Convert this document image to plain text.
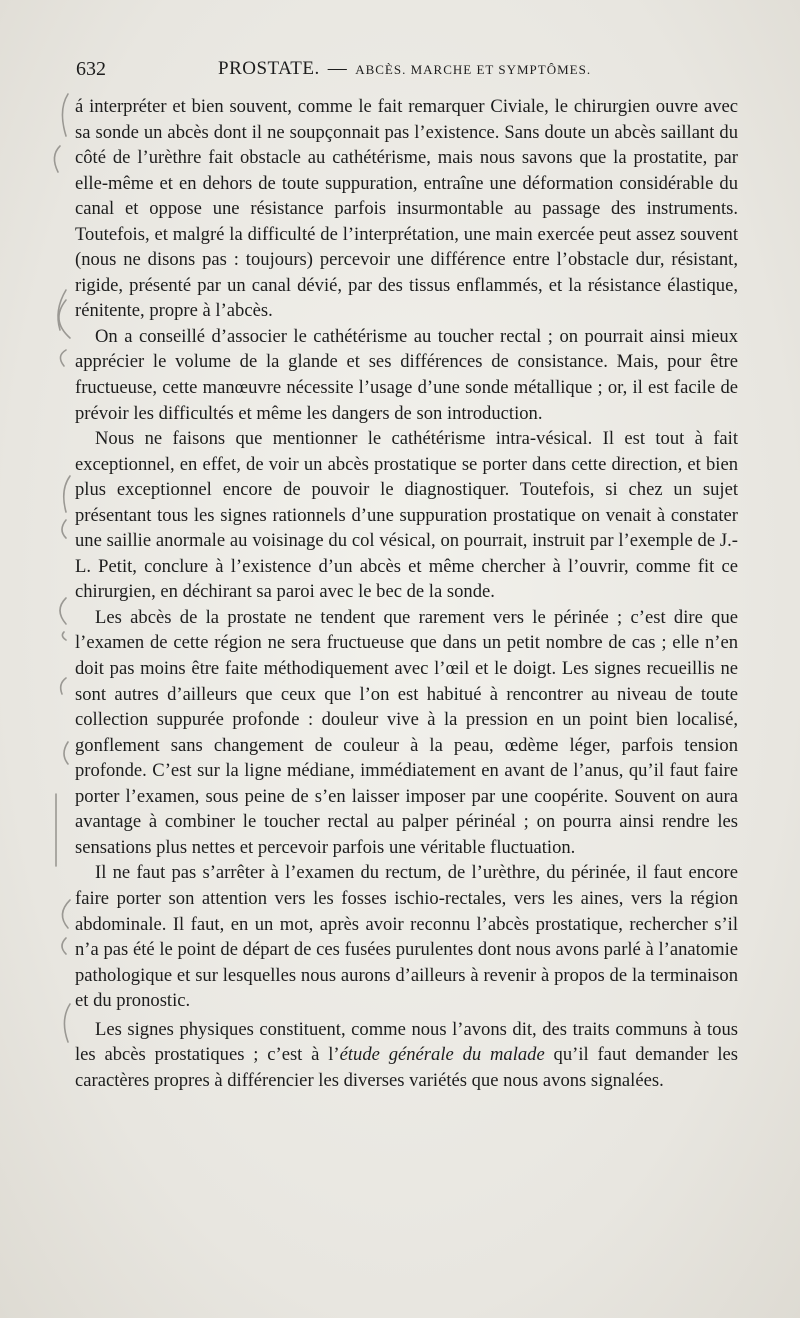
632	PROSTATE. — ABCÈS. MARCHE ET SYMPTÔMES.

á interpréter et bien souvent, comme le fait remarquer Civiale, le chirurgien ouvre avec sa sonde un abcès dont il ne soupçonnait pas l’existence. Sans doute un abcès saillant du côté de l’urèthre fait obstacle au cathétérisme, mais nous savons que la prostatite, par elle-même et en dehors de toute suppuration, entraîne une déformation considérable du canal et oppose une résistance parfois insurmontable au passage des instruments. Toutefois, et malgré la difficulté de l’interprétation, une main exercée peut assez souvent (nous ne disons pas : toujours) percevoir une différence entre l’obstacle dur, résistant, rigide, présenté par un canal dévié, par des tissus enflammés, et la résistance élastique, rénitente, propre à l’abcès.

On a conseillé d’associer le cathétérisme au toucher rectal ; on pourrait ainsi mieux apprécier le volume de la glande et ses différences de consistance. Mais, pour être fructueuse, cette manœuvre nécessite l’usage d’une sonde métallique ; or, il est facile de prévoir les difficultés et même les dangers de son introduction.

Nous ne faisons que mentionner le cathétérisme intra-vésical. Il est tout à fait exceptionnel, en effet, de voir un abcès prostatique se porter dans cette direction, et bien plus exceptionnel encore de pouvoir le diagnostiquer. Toutefois, si chez un sujet présentant tous les signes rationnels d’une suppuration prostatique on venait à constater une saillie anormale au voisinage du col vésical, on pourrait, instruit par l’exemple de J.-L. Petit, conclure à l’existence d’un abcès et même chercher à l’ouvrir, comme fit ce chirurgien, en déchirant sa paroi avec le bec de la sonde.

Les abcès de la prostate ne tendent que rarement vers le périnée ; c’est dire que l’examen de cette région ne sera fructueuse que dans un petit nombre de cas ; elle n’en doit pas moins être faite méthodiquement avec l’œil et le doigt. Les signes recueillis ne sont autres d’ailleurs que ceux que l’on est habitué à rencontrer au niveau de toute collection suppurée profonde : douleur vive à la pression en un point bien localisé, gonflement sans changement de couleur à la peau, œdème léger, parfois tension profonde. C’est sur la ligne médiane, immédiatement en avant de l’anus, qu’il faut faire porter l’examen, sous peine de s’en laisser imposer par une coopérite. Souvent on aura avantage à combiner le toucher rectal au palper périnéal ; on pourra ainsi rendre les sensations plus nettes et percevoir parfois une véritable fluctuation.

Il ne faut pas s’arrêter à l’examen du rectum, de l’urèthre, du périnée, il faut encore faire porter son attention vers les fosses ischio-rectales, vers les aines, vers la région abdominale. Il faut, en un mot, après avoir reconnu l’abcès prostatique, rechercher s’il n’a pas été le point de départ de ces fusées purulentes dont nous avons parlé à l’anatomie pathologique et sur lesquelles nous aurons d’ailleurs à revenir à propos de la terminaison et du pronostic.

Les signes physiques constituent, comme nous l’avons dit, des traits communs à tous les abcès prostatiques ; c’est à l’étude générale du malade qu’il faut demander les caractères propres à différencier les diverses variétés que nous avons signalées.
